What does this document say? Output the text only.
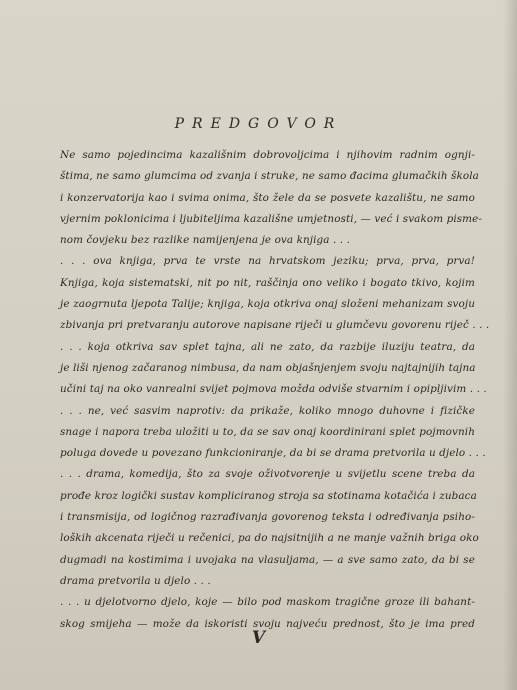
PREDGOVOR
Ne samo pojedincima kazališnim dobrovoljcima i njihovim radnim ognji-
štima, ne samo glumcima od zvanja i struke, ne samo đacima glumačkih škola
i konzervatorija kao i svima onima, što žele da se posvete kazalištu, ne samo
vjernim poklonicima i ljubiteljima kazališne umjetnosti, — već i svakom pisme-
nom čovjeku bez razlike namijenjena je ova knjiga . . .
. . . ova knjiga, prva te vrste na hrvatskom jeziku; prva, prva, prva!
Knjiga, koja sistematski, nit po nit, raščinja ono veliko i bogato tkivo, kojim
je zaogrnuta ljepota Talije; knjiga, koja otkriva onaj složeni mehanizam svoju
zbivanja pri pretvaranju autorove napisane riječi u glumčevu govorenu riječ . . .
. . . koja otkriva sav splet tajna, ali ne zato, da razbije iluziju teatra, da
je liši njenog začaranog nimbusa, da nam objašnjenjem svoju najtajnijih tajna
učini taj na oko vanrealni svijet pojmova možda odviše stvarnim i opipljivim . . .
. . . ne, već sasvim naprotiv: da prikaže, koliko mnogo duhovne i fizičke
snage i napora treba uložiti u to, da se sav onaj koordinirani splet pojmovnih
poluga dovede u povezano funkcioniranje, da bi se drama pretvorila u djelo . . .
. . . drama, komedija, što za svoje oživotvorenje u svijetlu scene treba da
prođe kroz logički sustav kompliciranog stroja sa stotinama kotačića i zubaca
i transmisija, od logičnog razrađivanja govorenog teksta i određivanja psiho-
loških akcenata riječi u rečenici, pa do najsitnijih a ne manje važnih briga oko
dugmadi na kostimima i uvojaka na vlasuljama, — a sve samo zato, da bi se
drama pretvorila u djelo . . .
. . . u djelotvorno djelo, koje — bilo pod maskom tragične groze ili bahant-
skog smijeha — može da iskoristi svoju najveću prednost, što je ima pred
V
